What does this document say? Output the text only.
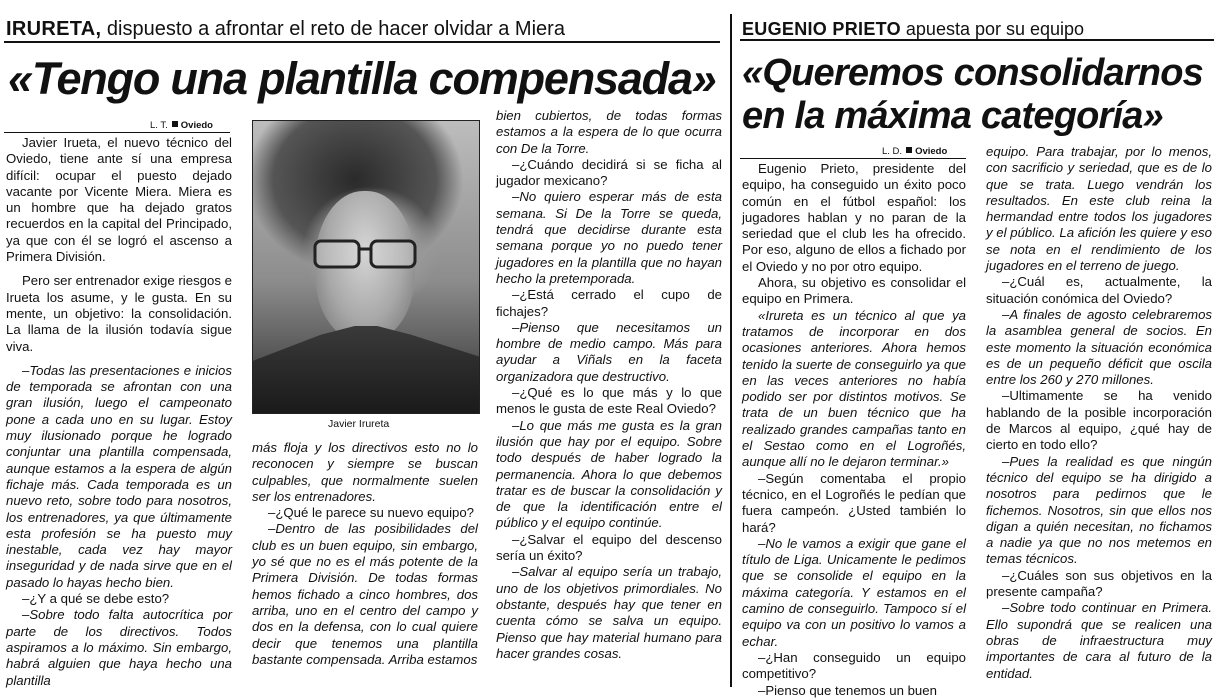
IRURETA, dispuesto a afrontar el reto de hacer olvidar a Miera
«Tengo una plantilla compensada»
L. T. Oviedo

Javier Irueta, el nuevo técnico del Oviedo, tiene ante sí una empresa difícil: ocupar el puesto dejado vacante por Vicente Miera. Miera es un hombre que ha dejado gratos recuerdos en la capital del Principado, ya que con él se logró el ascenso a Primera División.

Pero ser entrenador exige riesgos e Irueta los asume, y le gusta. En su mente, un objetivo: la consolidación. La llama de la ilusión todavía sigue viva.

–Todas las presentaciones e inicios de temporada se afrontan con una gran ilusión, luego el campeonato pone a cada uno en su lugar. Estoy muy ilusionado porque he logrado conjuntar una plantilla compensada, aunque estamos a la espera de algún fichaje más. Cada temporada es un nuevo reto, sobre todo para nosotros, los entrenadores, ya que últimamente esta profesión se ha puesto muy inestable, cada vez hay mayor inseguridad y de nada sirve que en el pasado lo hayas hecho bien.

–¿Y a qué se debe esto?

–Sobre todo falta autocrítica por parte de los directivos. Todos aspiramos a lo máximo. Sin embargo, habrá alguien que haya hecho una plantilla

Javier Irureta

más floja y los directivos esto no lo reconocen y siempre se buscan culpables, que normalmente suelen ser los entrenadores.

–¿Qué le parece su nuevo equipo?

–Dentro de las posibilidades del club es un buen equipo, sin embargo, yo sé que no es el más potente de la Primera División. De todas formas hemos fichado a cinco hombres, dos arriba, uno en el centro del campo y dos en la defensa, con lo cual quiere decir que tenemos una plantilla bastante compensada. Arriba estamos

bien cubiertos, de todas formas estamos a la espera de lo que ocurra con De la Torre.

–¿Cuándo decidirá si se ficha al jugador mexicano?

–No quiero esperar más de esta semana. Si De la Torre se queda, tendrá que decidirse durante esta semana porque yo no puedo tener jugadores en la plantilla que no hayan hecho la pretemporada.

–¿Está cerrado el cupo de fichajes?

–Pienso que necesitamos un hombre de medio campo. Más para ayudar a Viñals en la faceta organizadora que destructivo.

–¿Qué es lo que más y lo que menos le gusta de este Real Oviedo?

–Lo que más me gusta es la gran ilusión que hay por el equipo. Sobre todo después de haber logrado la permanencia. Ahora lo que debemos tratar es de buscar la consolidación y de que la identificación entre el público y el equipo continúe.

–¿Salvar el equipo del descenso sería un éxito?

–Salvar al equipo sería un trabajo, uno de los objetivos primordiales. No obstante, después hay que tener en cuenta cómo se salva un equipo. Pienso que hay material humano para hacer grandes cosas.

EUGENIO PRIETO apuesta por su equipo
«Queremos consolidarnos
en la máxima categoría»
L. D. Oviedo

Eugenio Prieto, presidente del equipo, ha conseguido un éxito poco común en el fútbol español: los jugadores hablan y no paran de la seriedad que el club les ha ofrecido. Por eso, alguno de ellos a fichado por el Oviedo y no por otro equipo.

Ahora, su objetivo es consolidar el equipo en Primera.

«Irureta es un técnico al que ya tratamos de incorporar en dos ocasiones anteriores. Ahora hemos tenido la suerte de conseguirlo ya que en las veces anteriores no había podido ser por distintos motivos. Se trata de un buen técnico que ha realizado grandes campañas tanto en el Sestao como en el Logroñés, aunque allí no le dejaron terminar.»

–Según comentaba el propio técnico, en el Logroñés le pedían que fuera campeón. ¿Usted también lo hará?

–No le vamos a exigir que gane el título de Liga. Unicamente le pedimos que se consolide el equipo en la máxima categoría. Y estamos en el camino de conseguirlo. Tampoco sí el equipo va con un positivo lo vamos a echar.

–¿Han conseguido un equipo competitivo?

–Pienso que tenemos un buen

equipo. Para trabajar, por lo menos, con sacrificio y seriedad, que es de lo que se trata. Luego vendrán los resultados. En este club reina la hermandad entre todos los jugadores y el público. La afición les quiere y eso se nota en el rendimiento de los jugadores en el terreno de juego.

–¿Cuál es, actualmente, la situación conómica del Oviedo?

–A finales de agosto celebraremos la asamblea general de socios. En este momento la situación económica es de un pequeño déficit que oscila entre los 260 y 270 millones.

–Ultimamente se ha venido hablando de la posible incorporación de Marcos al equipo, ¿qué hay de cierto en todo ello?

–Pues la realidad es que ningún técnico del equipo se ha dirigido a nosotros para pedirnos que le fichemos. Nosotros, sin que ellos nos digan a quién necesitan, no fichamos a nadie ya que no nos metemos en temas técnicos.

–¿Cuáles son sus objetivos en la presente campaña?

–Sobre todo continuar en Primera. Ello supondrá que se realicen una obras de infraestructura muy importantes de cara al futuro de la entidad.
